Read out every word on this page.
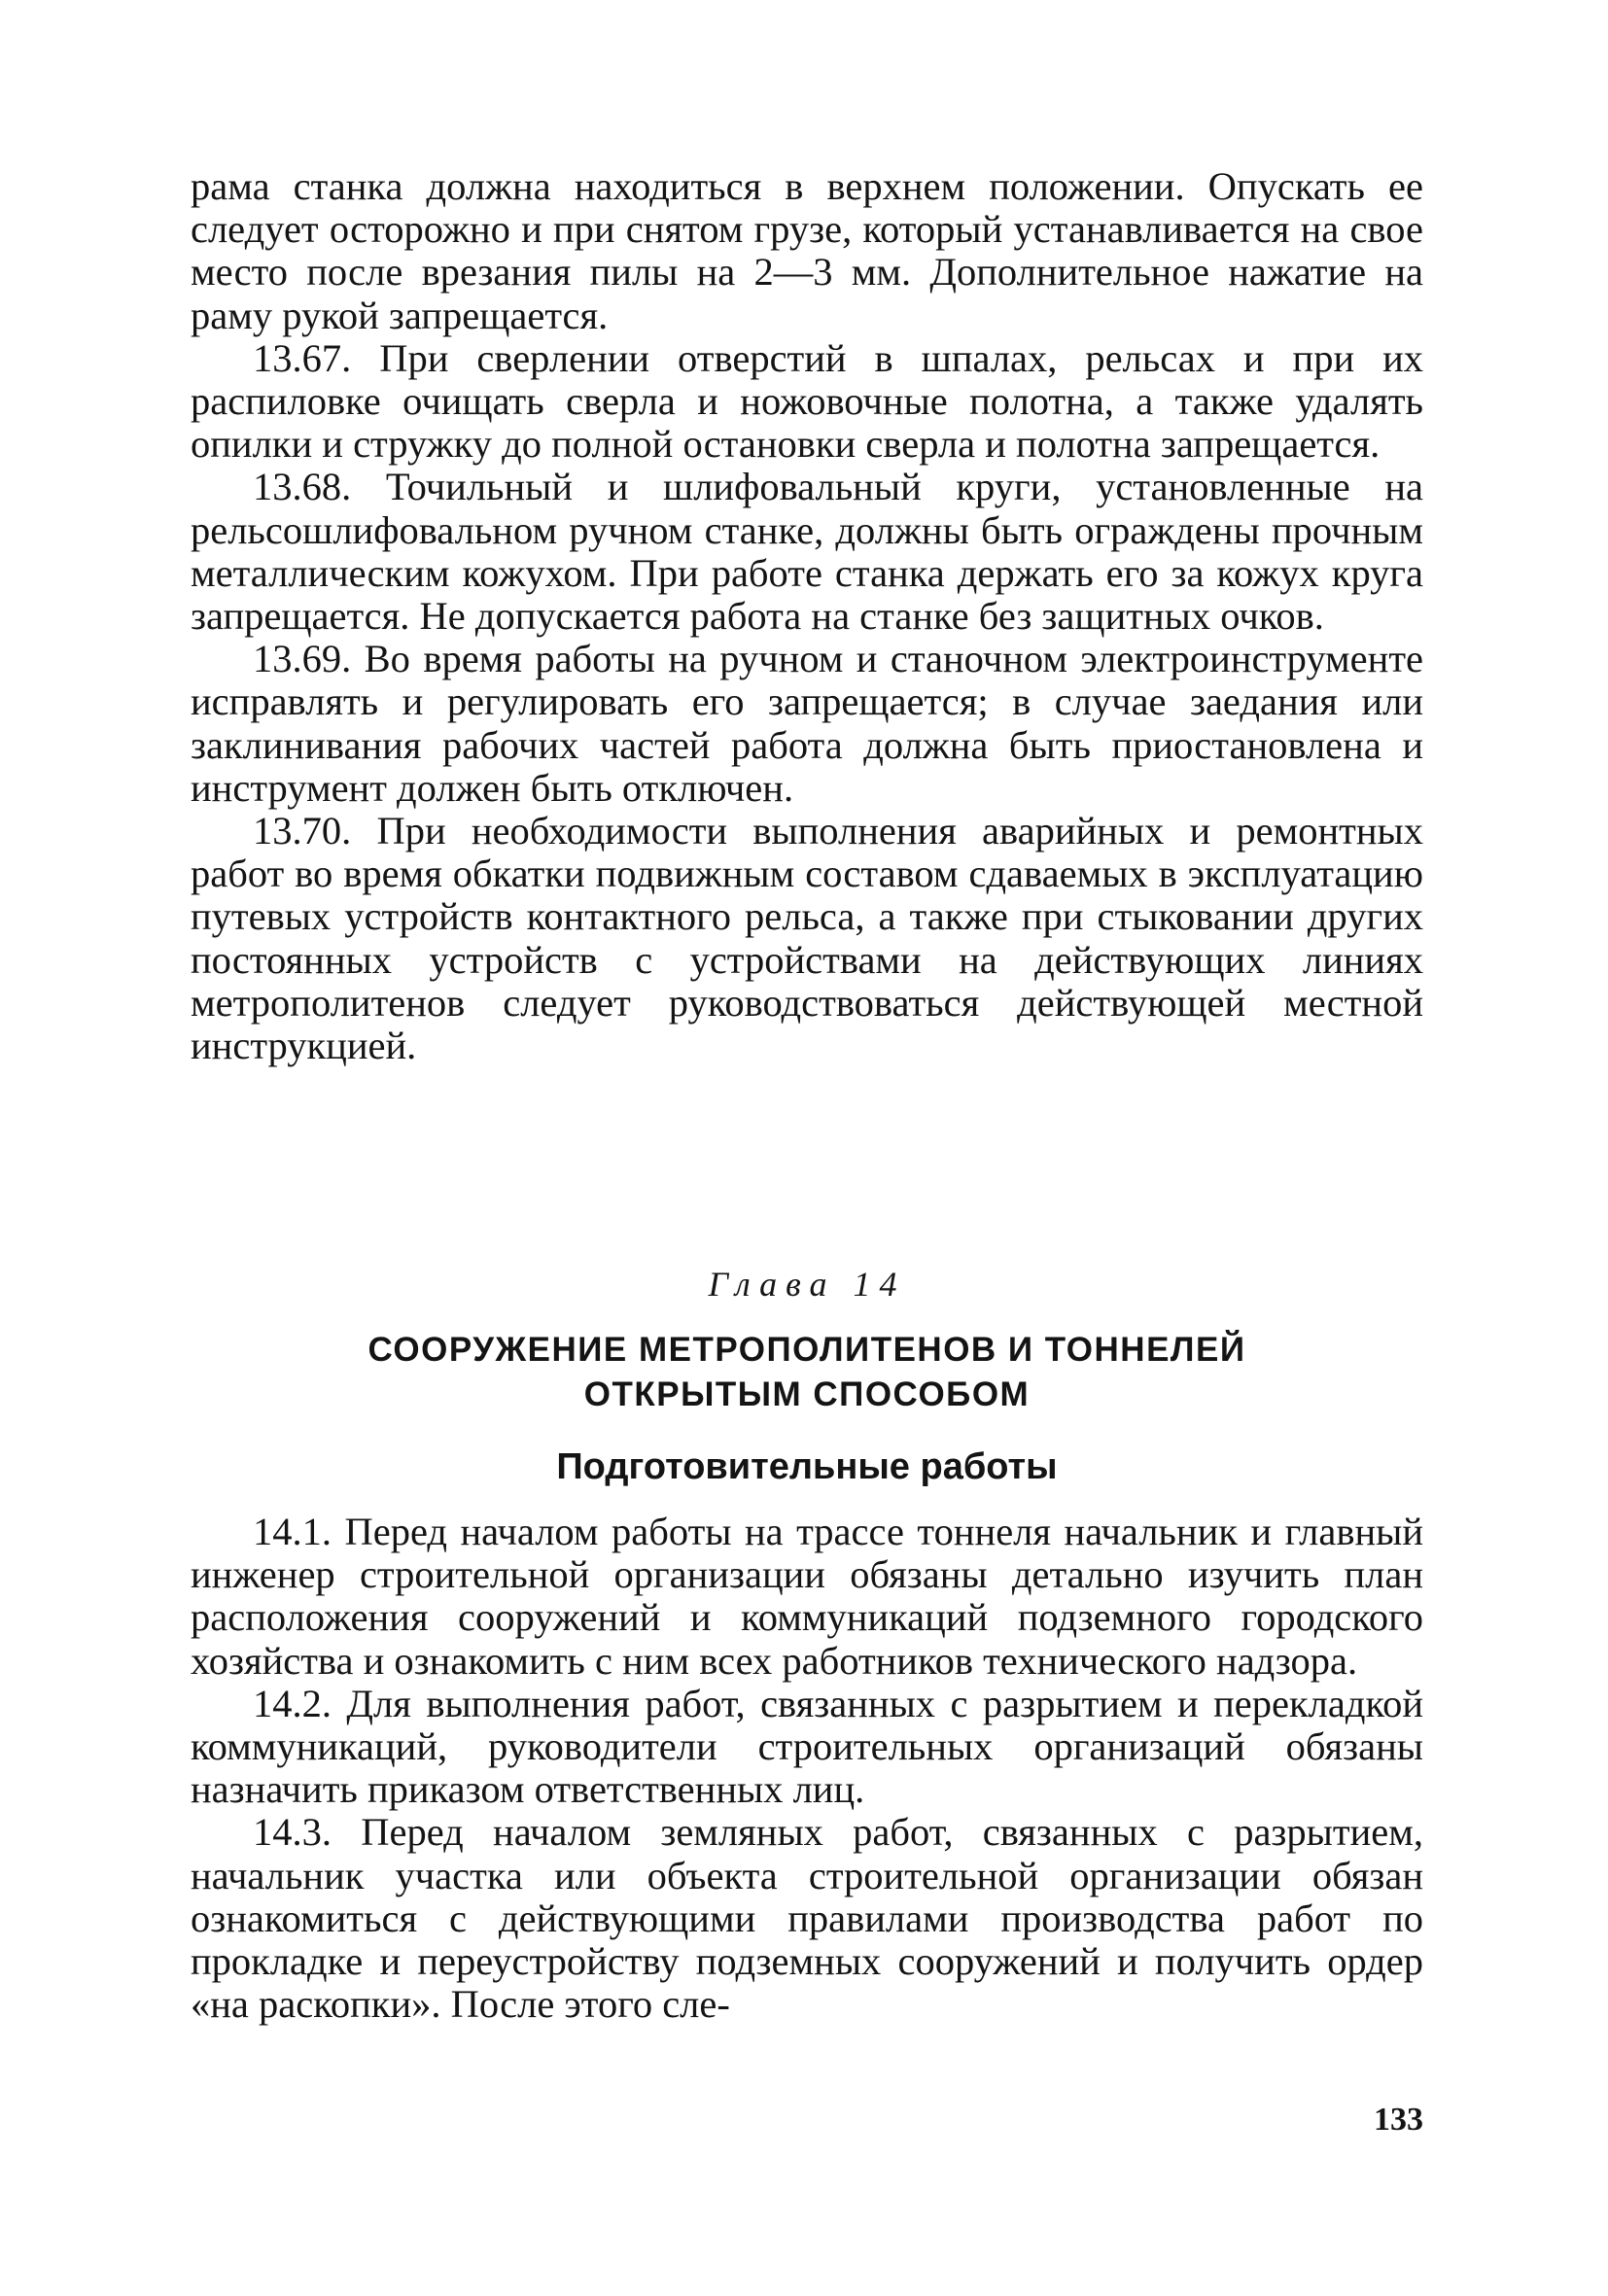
рама станка должна находиться в верхнем положении. Опускать ее следует осторожно и при снятом грузе, который устанавливается на свое место после врезания пилы на 2—3 мм. Дополнительное нажатие на раму рукой запрещается.

13.67. При сверлении отверстий в шпалах, рельсах и при их распиловке очищать сверла и ножовочные полотна, а также удалять опилки и стружку до полной остановки сверла и полотна запрещается.

13.68. Точильный и шлифовальный круги, установленные на рельсошлифовальном ручном станке, должны быть ограждены прочным металлическим кожухом. При работе станка держать его за кожух круга запрещается. Не допускается работа на станке без защитных очков.

13.69. Во время работы на ручном и станочном электроинструменте исправлять и регулировать его запрещается; в случае заедания или заклинивания рабочих частей работа должна быть приостановлена и инструмент должен быть отключен.

13.70. При необходимости выполнения аварийных и ремонтных работ во время обкатки подвижным составом сдаваемых в эксплуатацию путевых устройств контактного рельса, а также при стыковании других постоянных устройств с устройствами на действующих линиях метрополитенов следует руководствоваться действующей местной инструкцией.

Глава 14

СООРУЖЕНИЕ МЕТРОПОЛИТЕНОВ И ТОННЕЛЕЙ
ОТКРЫТЫМ СПОСОБОМ

Подготовительные работы

14.1. Перед началом работы на трассе тоннеля начальник и главный инженер строительной организации обязаны детально изучить план расположения сооружений и коммуникаций подземного городского хозяйства и ознакомить с ним всех работников технического надзора.

14.2. Для выполнения работ, связанных с разрытием и перекладкой коммуникаций, руководители строительных организаций обязаны назначить приказом ответственных лиц.

14.3. Перед началом земляных работ, связанных с разрытием, начальник участка или объекта строительной организации обязан ознакомиться с действующими правилами производства работ по прокладке и переустройству подземных сооружений и получить ордер «на раскопки». После этого сле-

133
